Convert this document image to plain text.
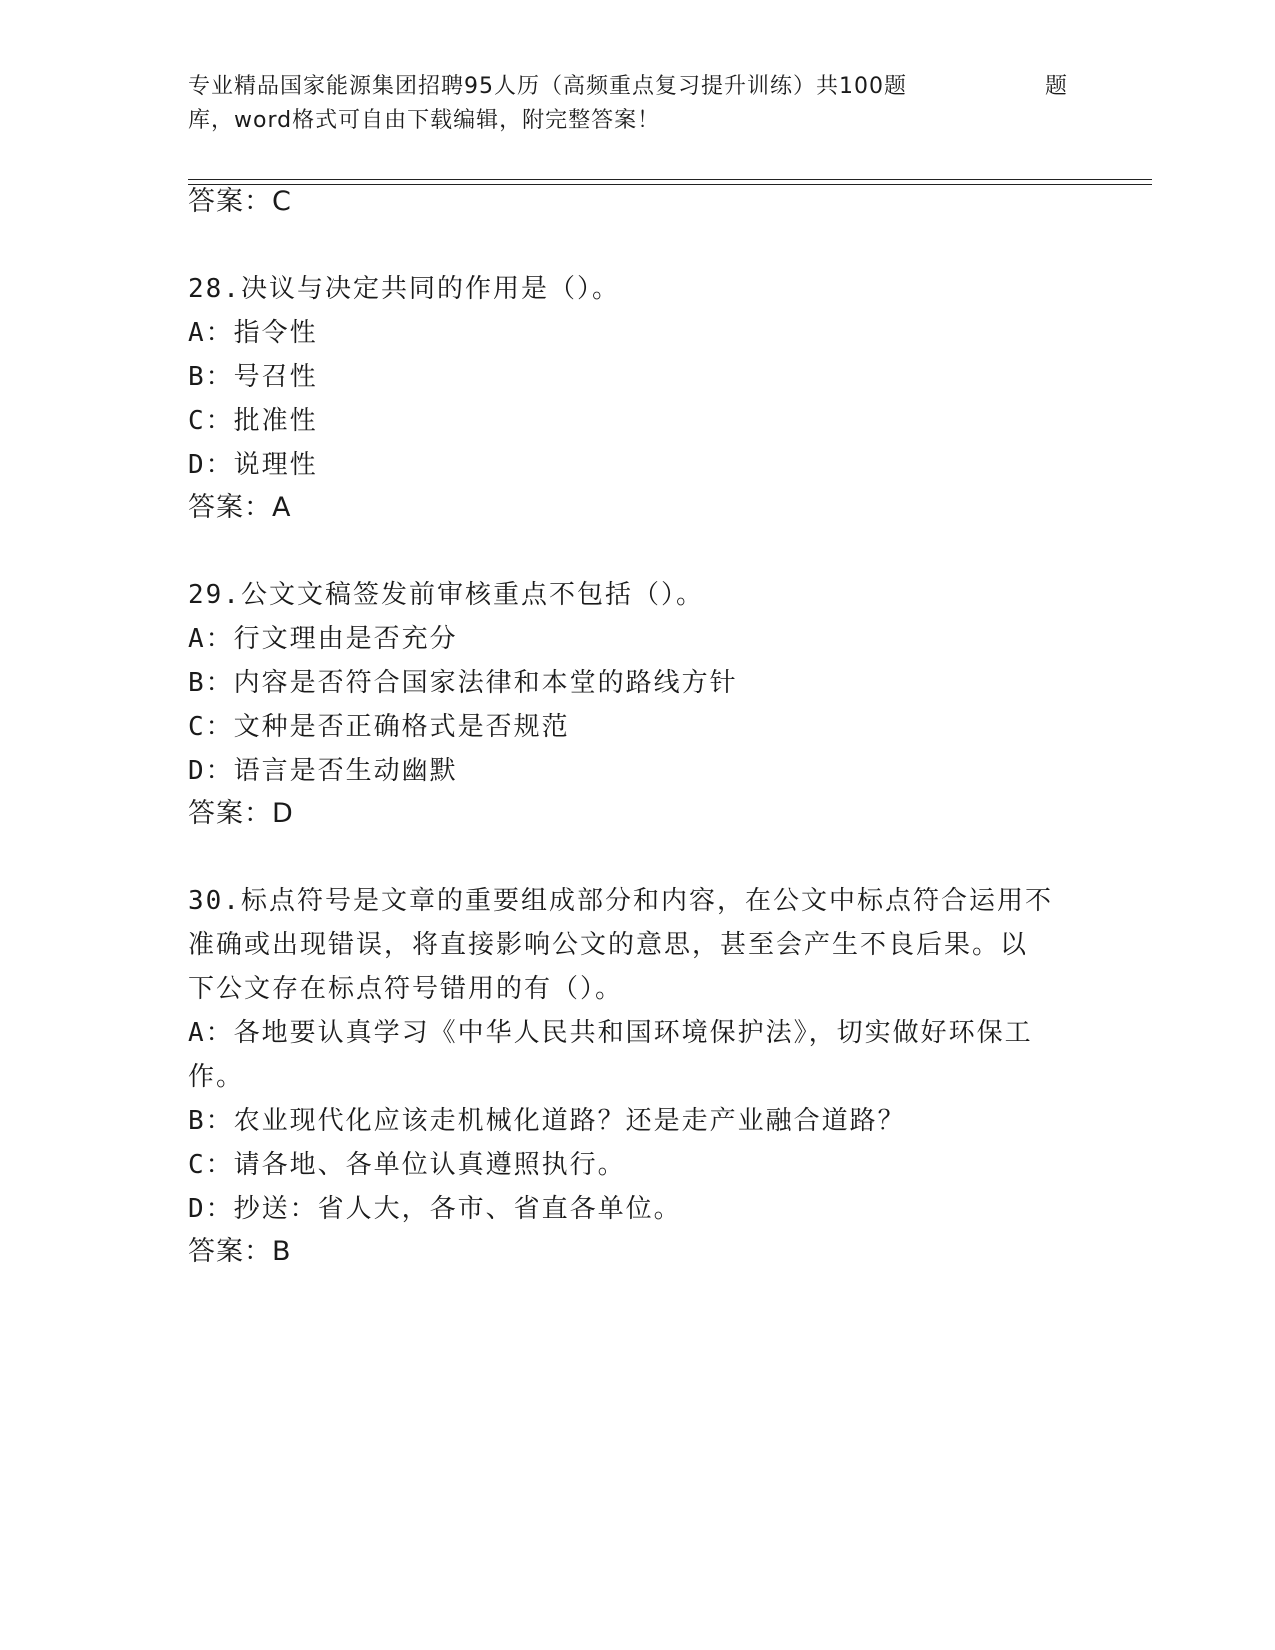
专业精品国家能源集团招聘95人历（高频重点复习提升训练）共100题	题
库，word格式可自由下载编辑，附完整答案！
答案：C
28.决议与决定共同的作用是（）。
A：指令性
B：号召性
C：批准性
D：说理性
答案：A
29.公文文稿签发前审核重点不包括（）。
A：行文理由是否充分
B：内容是否符合国家法律和本堂的路线方针
C：文种是否正确格式是否规范
D：语言是否生动幽默
答案：D
30.标点符号是文章的重要组成部分和内容，在公文中标点符合运用不
准确或出现错误，将直接影响公文的意思，甚至会产生不良后果。以
下公文存在标点符号错用的有（）。
A：各地要认真学习《中华人民共和国环境保护法》，切实做好环保工
作。
B：农业现代化应该走机械化道路？还是走产业融合道路？
C：请各地、各单位认真遵照执行。
D：抄送：省人大，各市、省直各单位。
答案：B
